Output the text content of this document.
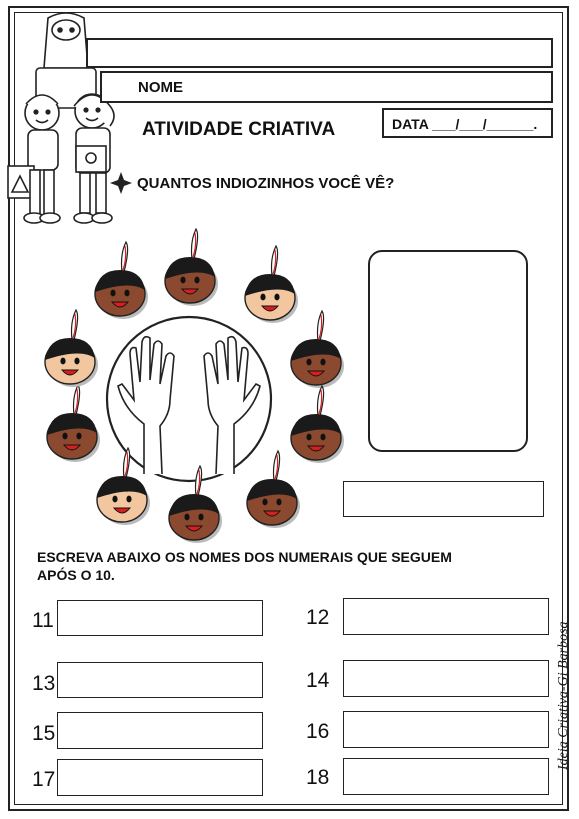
NOME
ATIVIDADE CRIATIVA	DATA ___/___/______.
QUANTOS INDIOZINHOS VOCÊ VÊ?
ESCREVA ABAIXO OS NOMES DOS NUMERAIS QUE SEGUEM
APÓS O 10.
11	12
13	14
15	16
17	18
Ideia Criativa-Gi Barbosa
